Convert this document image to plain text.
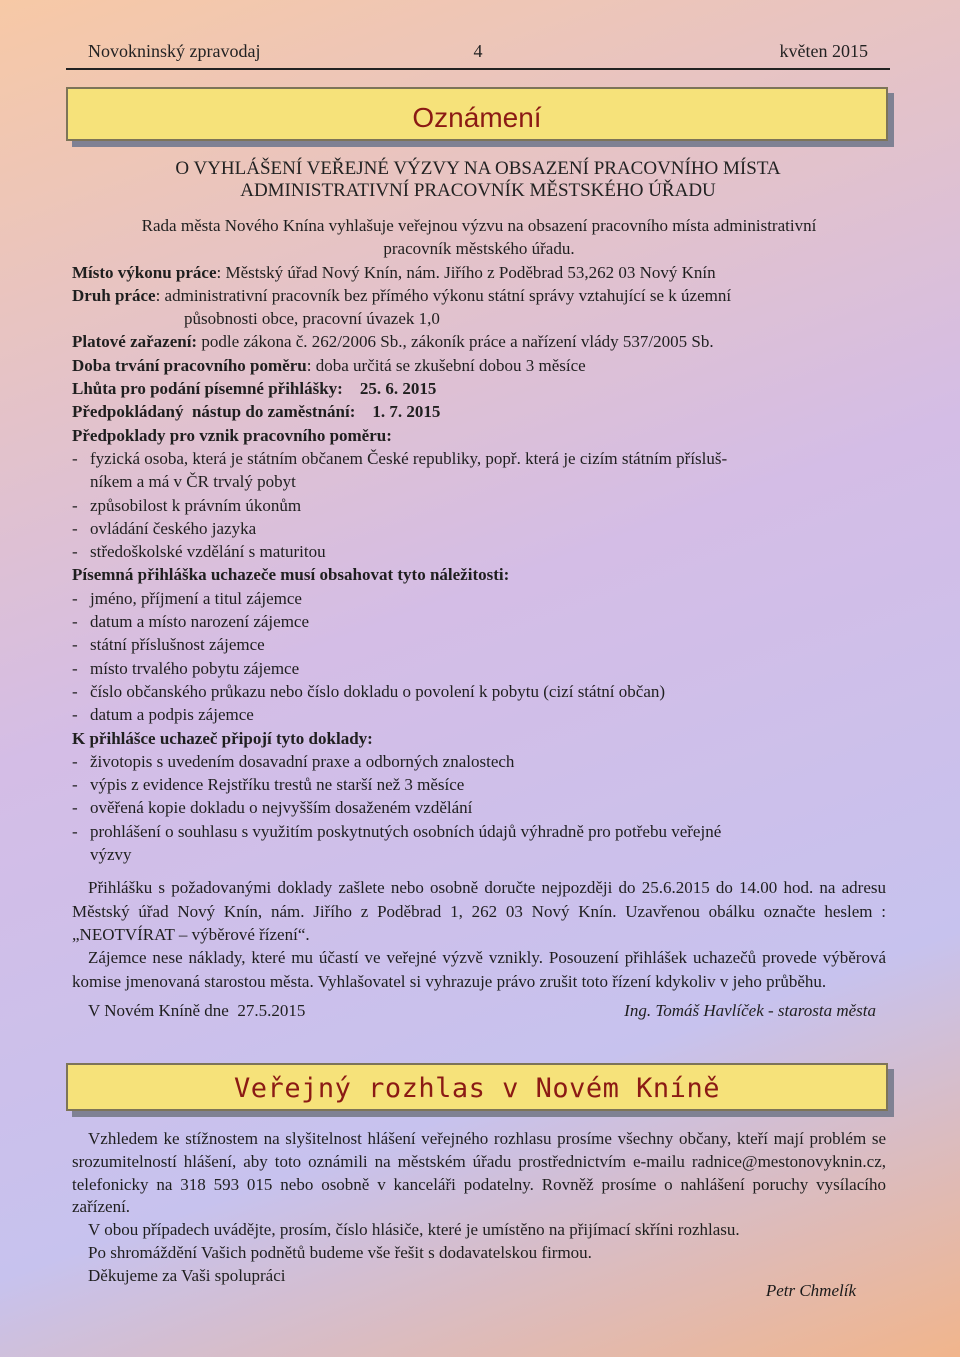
Novokninský zpravodaj	4	květen 2015
Oznámení
O VYHLÁŠENÍ VEŘEJNÉ VÝZVY NA OBSAZENÍ PRACOVNÍHO MÍSTA
ADMINISTRATIVNÍ PRACOVNÍK MĚSTSKÉHO ÚŘADU
Rada města Nového Knína vyhlašuje veřejnou výzvu na obsazení pracovního místa administrativní
pracovník městského úřadu.
Místo výkonu práce: Městský úřad Nový Knín, nám. Jiřího z Poděbrad 53,262 03 Nový Knín
Druh práce: administrativní pracovník bez přímého výkonu státní správy vztahující se k územní
působnosti obce, pracovní úvazek 1,0
Platové zařazení: podle zákona č. 262/2006 Sb., zákoník práce a nařízení vlády 537/2005 Sb.
Doba trvání pracovního poměru: doba určitá se zkušební dobou 3 měsíce
Lhůta pro podání písemné přihlášky:    25. 6. 2015
Předpokládaný  nástup do zaměstnání:    1. 7. 2015
Předpoklady pro vznik pracovního poměru:
- fyzická osoba, která je státním občanem České republiky, popř. která je cizím státním přísluš-
níkem a má v ČR trvalý pobyt
- způsobilost k právním úkonům
- ovládání českého jazyka
- středoškolské vzdělání s maturitou
Písemná přihláška uchazeče musí obsahovat tyto náležitosti:
- jméno, příjmení a titul zájemce
- datum a místo narození zájemce
- státní příslušnost zájemce
- místo trvalého pobytu zájemce
- číslo občanského průkazu nebo číslo dokladu o povolení k pobytu (cizí státní občan)
- datum a podpis zájemce
K přihlášce uchazeč připojí tyto doklady:
- životopis s uvedením dosavadní praxe a odborných znalostech
- výpis z evidence Rejstříku trestů ne starší než 3 měsíce
- ověřená kopie dokladu o nejvyšším dosaženém vzdělání
- prohlášení o souhlasu s využitím poskytnutých osobních údajů výhradně pro potřebu veřejné
výzvy
Přihlášku s požadovanými doklady zašlete nebo osobně doručte nejpozději do 25.6.2015 do 14.00 hod. na adresu Městský úřad Nový Knín, nám. Jiřího z Poděbrad 1, 262 03 Nový Knín. Uzavřenou obálku označte heslem : „NEOTVÍRAT – výběrové řízení“.
Zájemce nese náklady, které mu účastí ve veřejné výzvě vznikly. Posouzení přihlášek uchazečů provede výběrová komise jmenovaná starostou města. Vyhlašovatel si vyhrazuje právo zrušit toto řízení kdykoliv v jeho průběhu.
V Novém Kníně dne  27.5.2015	Ing. Tomáš Havlíček - starosta města
Veřejný rozhlas v Novém Kníně
Vzhledem ke stížnostem na slyšitelnost hlášení veřejného rozhlasu prosíme všechny občany, kteří mají problém se srozumitelností hlášení, aby toto oznámili na městském úřadu prostřednictvím e-mailu radnice@mestonovyknin.cz, telefonicky na 318 593 015 nebo osobně v kanceláři podatelny. Rovněž prosíme o nahlášení poruchy vysílacího zařízení.
V obou případech uvádějte, prosím, číslo hlásiče, které je umístěno na přijímací skříni rozhlasu.
Po shromáždění Vašich podnětů budeme vše řešit s dodavatelskou firmou.
Děkujeme za Vaši spolupráci
Petr Chmelík
